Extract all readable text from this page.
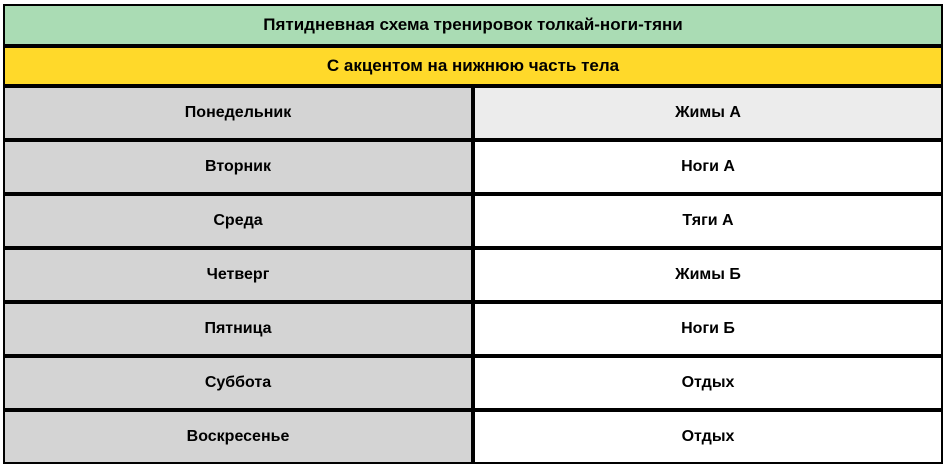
Пятидневная схема тренировок толкай-ноги-тяни	
С акцентом на нижнюю часть тела	
Понедельник	Жимы А
Вторник	Ноги А
Среда	Тяги А
Четверг	Жимы Б
Пятница	Ноги Б
Суббота	Отдых
Воскресенье	Отдых
